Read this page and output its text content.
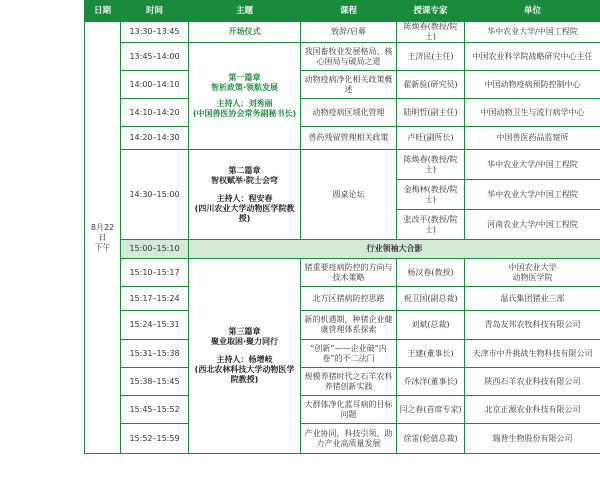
日期	时间	主题	课程	授课专家	单位
8月22日
下午	13:30–13:45	开场仪式	致辞/启幕	陈焕春(教授/院士)	华中农业大学/中国工程院
	13:45–14:00	第一篇章
智析政策·领航发展
主持人：刘秀丽
(中国兽医协会常务副秘书长)	我国畜牧业发展格局、核心困局与破局之道	王济民(主任)	中国农业科学院战略研究中心主任
	14:00–14:10		动物疫病净化相关政策概述	翟新验(研究员)	中国动物疫病预防控制中心
	14:10–14:20		动物疫病区域化管理	陆明哲(副主任)	中国动物卫生与流行病学中心
	14:20–14:30		兽药残留管理相关政策	卢旺(副所长)	中国兽医药品监察所
	14:30–15:00	第二篇章
智权赋举·院士会穹
主持人：程安春
(四川农业大学动物医学院教授)	圆桌论坛	陈焕春(教授/院士)	华中农业大学/中国工程院
				金梅林(教授/院士)	华中农业大学/中国工程院
				张改平(教授/院士)	河南农业大学/中国工程院
	15:00–15:10	行业领袖大合影			
	15:10–15:17	第三篇章
聚业取困·聚力同行
主持人：杨增岐
(西北农林科技大学动物医学院教授)	猪重要疫病防控的方向与技术策略	杨汉春(教授)	中国农业大学
动物医学院
	15:17–15:24		北方区猪病防控思路	祝卫国(副总裁)	温氏集团猪业三部
	15:24–15:31		新的机遇期，种猪企业健康管理体系探索	刘斌(总裁)	青岛友邦农牧科技有限公司
	15:31–15:38		“创新”——企业破“内卷”的不二法门	王建(董事长)	天津市中升挑战生物科技有限公司
	15:38–15:45		规模养猪时代之石羊农科养猪创新实践	乔冰洋(董事长)	陕西石羊农业科技有限公司
	15:45–15:52		大群体净化蓝耳病的目标问题	闫之春(首席专家)	北京正源农业科技有限公司
	15:52–15:59		产业协同，科技引领，助力产业高质量发展	徐雷(轮值总裁)	瑞普生物股份有限公司
